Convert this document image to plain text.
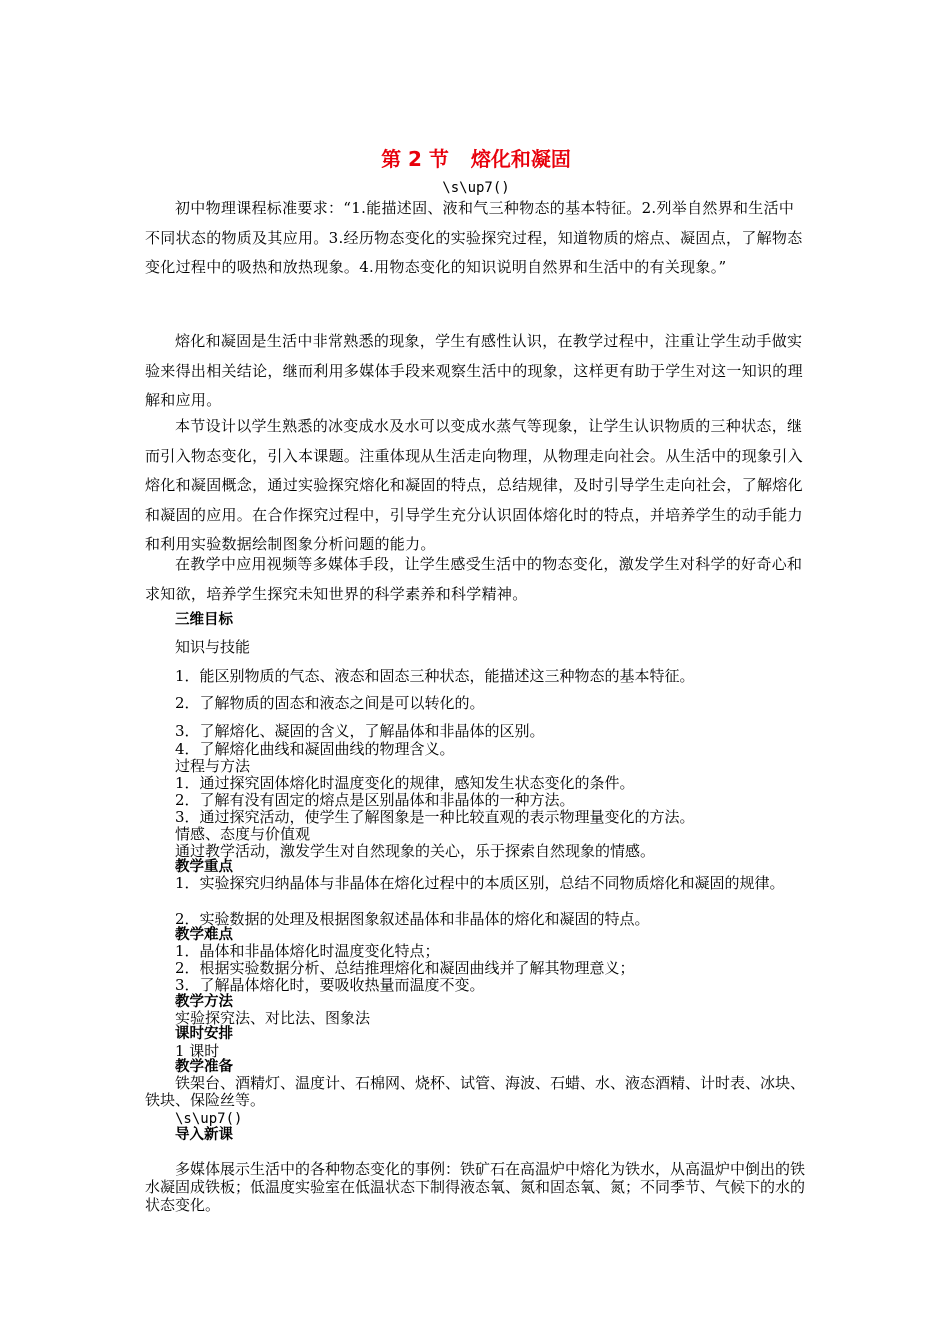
第 2 节 熔化和凝固
\s\up7()

初中物理课程标准要求：“1.能描述固、液和气三种物态的基本特征。2.列举自然界和生活中不同状态的物质及其应用。3.经历物态变化的实验探究过程，知道物质的熔点、凝固点，了解物态变化过程中的吸热和放热现象。4.用物态变化的知识说明自然界和生活中的有关现象。”

熔化和凝固是生活中非常熟悉的现象，学生有感性认识，在教学过程中，注重让学生动手做实验来得出相关结论，继而利用多媒体手段来观察生活中的现象，这样更有助于学生对这一知识的理解和应用。

本节设计以学生熟悉的冰变成水及水可以变成水蒸气等现象，让学生认识物质的三种状态，继而引入物态变化，引入本课题。注重体现从生活走向物理，从物理走向社会。从生活中的现象引入熔化和凝固概念，通过实验探究熔化和凝固的特点，总结规律，及时引导学生走向社会，了解熔化和凝固的应用。在合作探究过程中，引导学生充分认识固体熔化时的特点，并培养学生的动手能力和利用实验数据绘制图象分析问题的能力。

在教学中应用视频等多媒体手段，让学生感受生活中的物态变化，激发学生对科学的好奇心和求知欲，培养学生探究未知世界的科学素养和科学精神。

三维目标
知识与技能
1．能区别物质的气态、液态和固态三种状态，能描述这三种物态的基本特征。
2．了解物质的固态和液态之间是可以转化的。
3．了解熔化、凝固的含义，了解晶体和非晶体的区别。
4．了解熔化曲线和凝固曲线的物理含义。
过程与方法
1．通过探究固体熔化时温度变化的规律，感知发生状态变化的条件。
2．了解有没有固定的熔点是区别晶体和非晶体的一种方法。
3．通过探究活动，使学生了解图象是一种比较直观的表示物理量变化的方法。
情感、态度与价值观
通过教学活动，激发学生对自然现象的关心，乐于探索自然现象的情感。
教学重点

1．实验探究归纳晶体与非晶体在熔化过程中的本质区别，总结不同物质熔化和凝固的规律。

2．实验数据的处理及根据图象叙述晶体和非晶体的熔化和凝固的特点。
教学难点
1．晶体和非晶体熔化时温度变化特点；
2．根据实验数据分析、总结推理熔化和凝固曲线并了解其物理意义；
3．了解晶体熔化时，要吸收热量而温度不变。
教学方法
实验探究法、对比法、图象法
课时安排
1 课时
教学准备

铁架台、酒精灯、温度计、石棉网、烧杯、试管、海波、石蜡、水、液态酒精、计时表、冰块、铁块、保险丝等。

\s\up7()
导入新课

多媒体展示生活中的各种物态变化的事例：铁矿石在高温炉中熔化为铁水，从高温炉中倒出的铁水凝固成铁板；低温度实验室在低温状态下制得液态氧、氮和固态氧、氮；不同季节、气候下的水的状态变化。
